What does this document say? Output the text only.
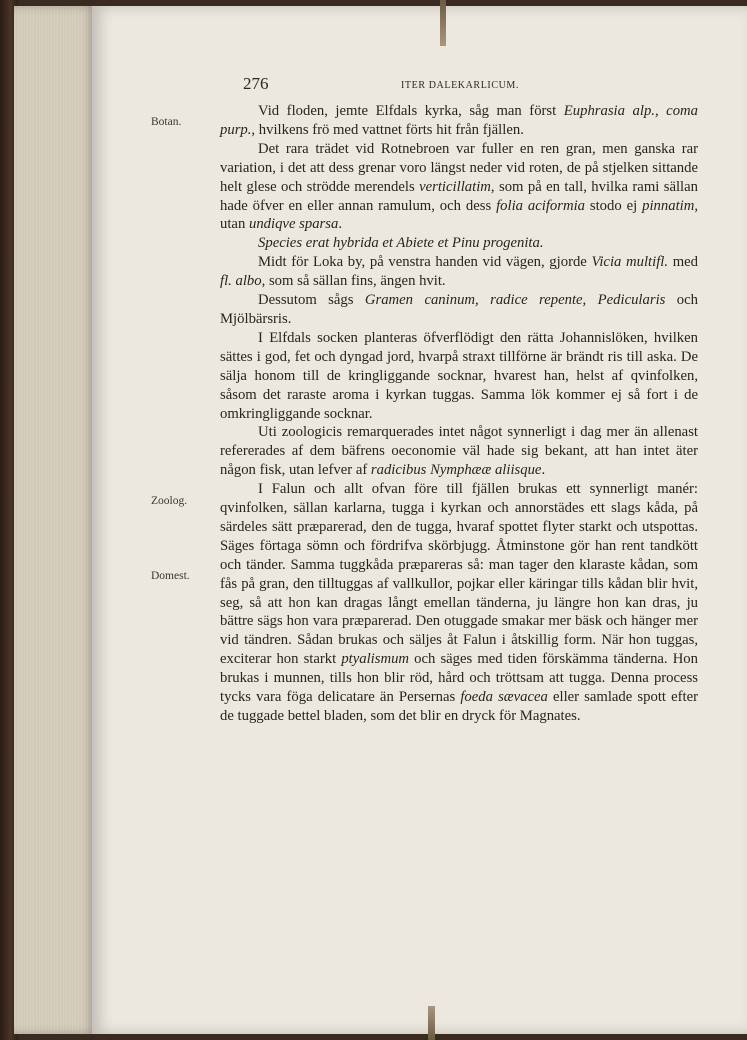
276	ITER DALEKARLICUM.
Botan.
Zoolog.
Domest.

Vid floden, jemte Elfdals kyrka, såg man först Euphrasia alp., coma purp., hvilkens frö med vattnet förts hit från fjällen.

Det rara trädet vid Rotnebroen var fuller en ren gran, men ganska rar variation, i det att dess grenar voro längst neder vid roten, de på stjelken sittande helt glese och strödde merendels verticillatim, som på en tall, hvilka rami sällan hade öfver en eller annan ramulum, och dess folia aciformia stodo ej pinnatim, utan undiqve sparsa.

Species erat hybrida et Abiete et Pinu progenita.

Midt för Loka by, på venstra handen vid vägen, gjorde Vicia multifl. med fl. albo, som så sällan fins, ängen hvit.

Dessutom sågs Gramen caninum, radice repente, Pedicularis och Mjölbärsris.

I Elfdals socken planteras öfverflödigt den rätta Johannislöken, hvilken sättes i god, fet och dyngad jord, hvarpå straxt tillförne är brändt ris till aska. De sälja honom till de kringliggande socknar, hvarest han, helst af qvinfolken, såsom det raraste aroma i kyrkan tuggas. Samma lök kommer ej så fort i de omkringliggande socknar.

Uti zoologicis remarquerades intet något synnerligt i dag mer än allenast refererades af dem bäfrens oeconomie väl hade sig bekant, att han intet äter någon fisk, utan lefver af radicibus Nymphææ aliisque.

I Falun och allt ofvan före till fjällen brukas ett synnerligt manér: qvinfolken, sällan karlarna, tugga i kyrkan och annorstädes ett slags kåda, på särdeles sätt præparerad, den de tugga, hvaraf spottet flyter starkt och utspottas. Säges förtaga sömn och fördrifva skörbjugg. Åtminstone gör han rent tandkött och tänder. Samma tuggkåda præpareras så: man tager den klaraste kådan, som fås på gran, den tilltuggas af vallkullor, pojkar eller käringar tills kådan blir hvit, seg, så att hon kan dragas långt emellan tänderna, ju längre hon kan dras, ju bättre sägs hon vara præparerad. Den otuggade smakar mer bäsk och hänger mer vid tändren. Sådan brukas och säljes åt Falun i åtskillig form. När hon tuggas, exciterar hon starkt ptyalismum och säges med tiden förskämma tänderna. Hon brukas i munnen, tills hon blir röd, hård och tröttsam att tugga. Denna process tycks vara föga delicatare än Persernas foeda sævacea eller samlade spott efter de tuggade bettel bladen, som det blir en dryck för Magnates.
